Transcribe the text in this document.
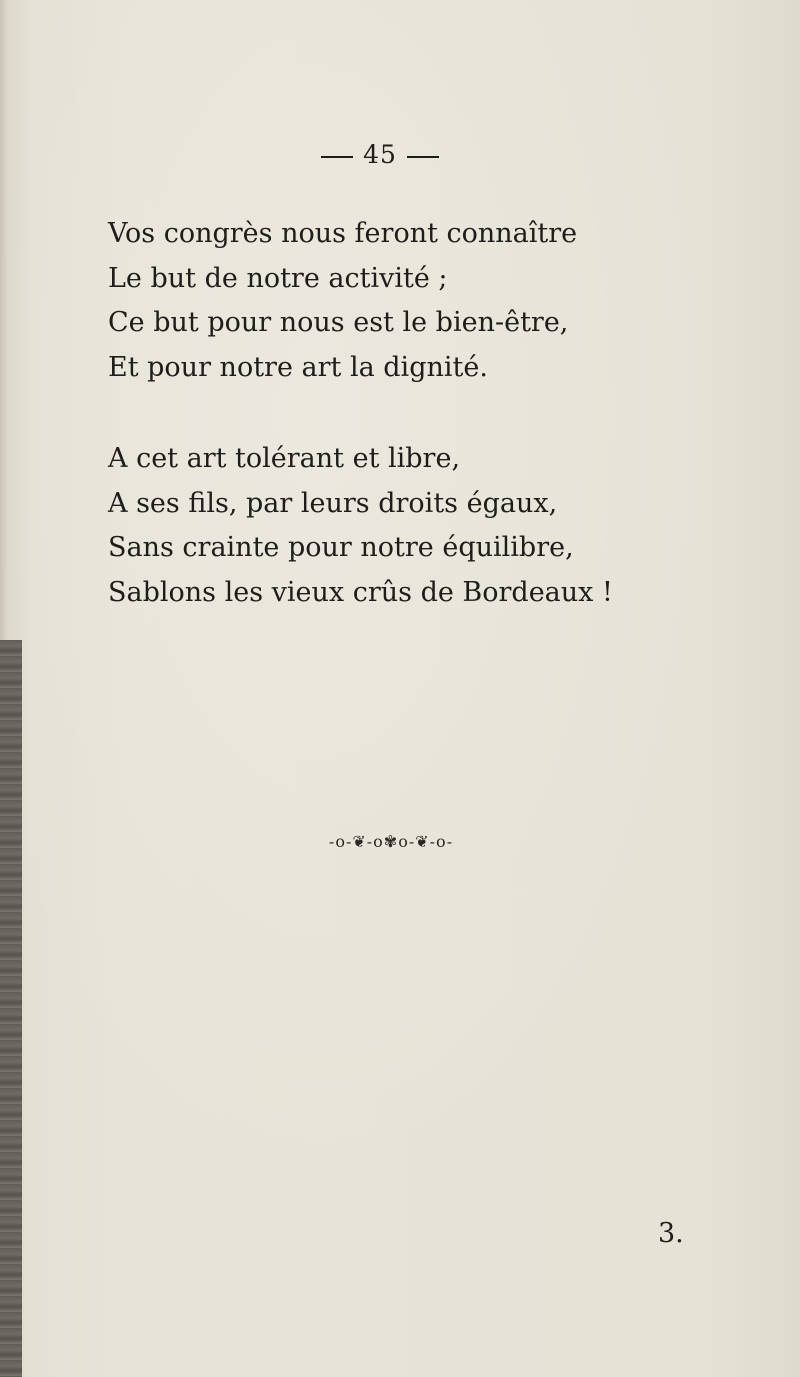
45
Vos congrès nous feront connaître
Le but de notre activité ;
Ce but pour nous est le bien-être,
Et pour notre art la dignité.
A cet art tolérant et libre,
A ses fils, par leurs droits égaux,
Sans crainte pour notre équilibre,
Sablons les vieux crûs de Bordeaux !
-o-❦-o✾o-❦-o-
3.
